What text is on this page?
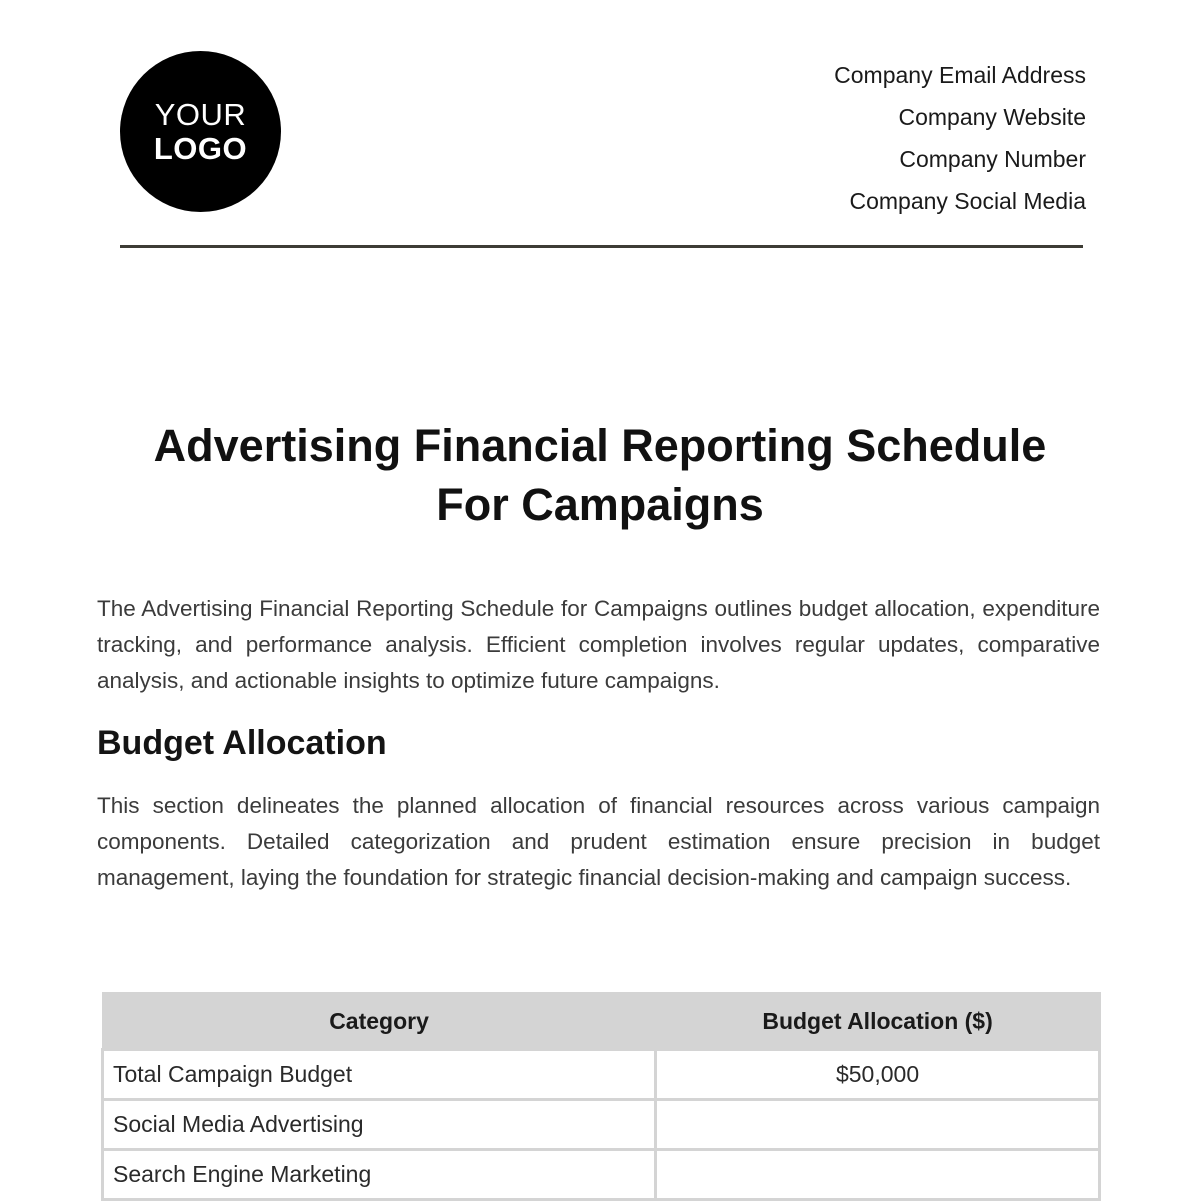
YOUR
LOGO
Company Email Address
Company Website
Company Number
Company Social Media
Advertising Financial Reporting Schedule
For Campaigns

The Advertising Financial Reporting Schedule for Campaigns outlines budget allocation, expenditure tracking, and performance analysis. Efficient completion involves regular updates, comparative analysis, and actionable insights to optimize future campaigns.

Budget Allocation

This section delineates the planned allocation of financial resources across various campaign components. Detailed categorization and prudent estimation ensure precision in budget management, laying the foundation for strategic financial decision-making and campaign success.

Category	Budget Allocation ($)
Total Campaign Budget	$50,000
Social Media Advertising	
Search Engine Marketing	
